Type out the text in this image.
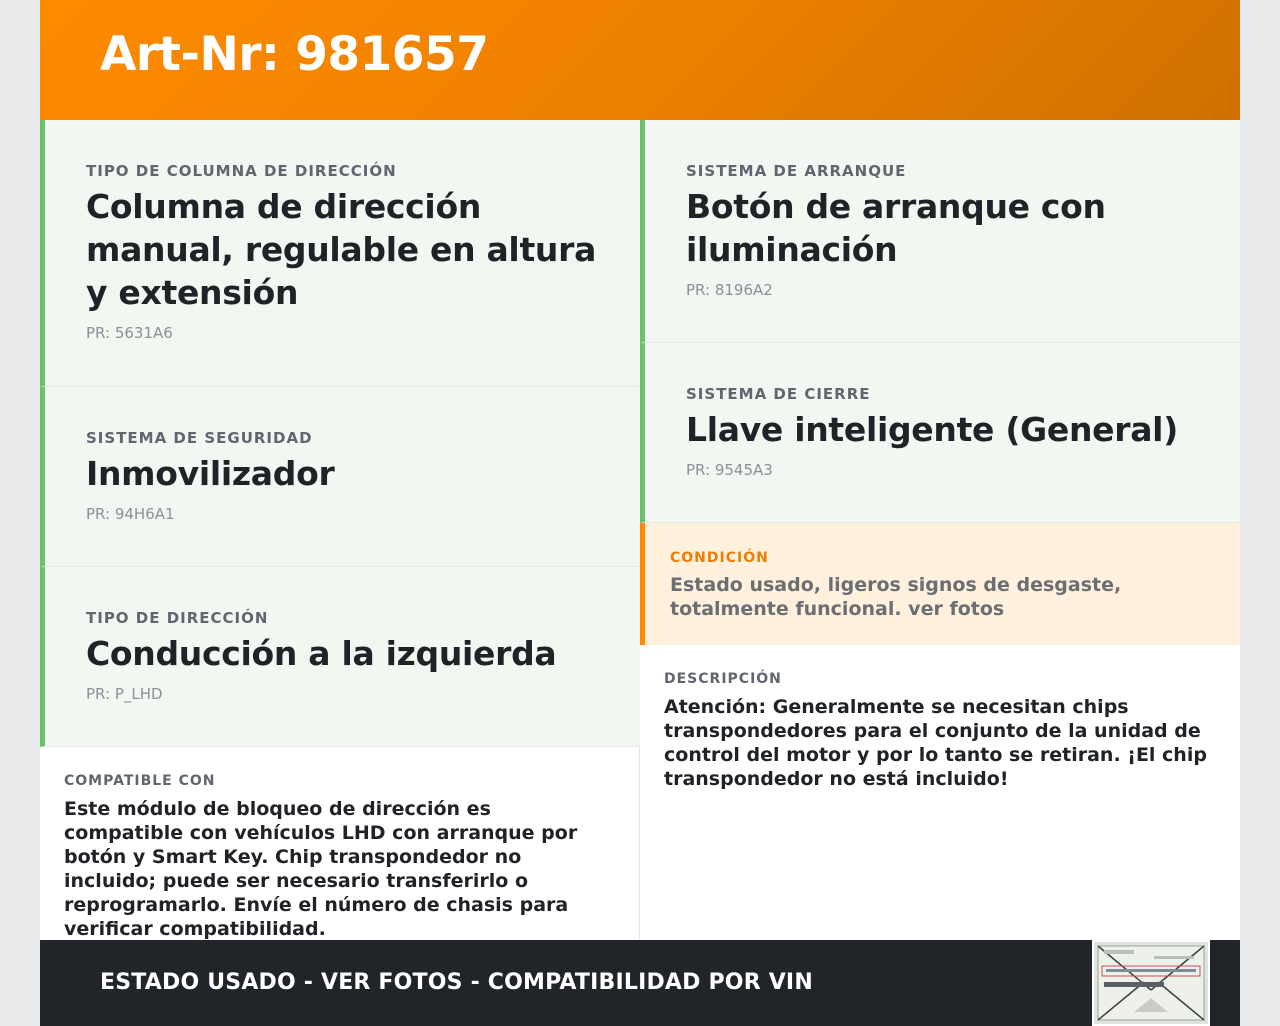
Art-Nr: 981657
TIPO DE COLUMNA DE DIRECCIÓN
Columna de dirección manual, regulable en altura y extensión
PR: 5631A6
SISTEMA DE SEGURIDAD
Inmovilizador
PR: 94H6A1
TIPO DE DIRECCIÓN
Conducción a la izquierda
PR: P_LHD
SISTEMA DE ARRANQUE
Botón de arranque con iluminación
PR: 8196A2
SISTEMA DE CIERRE
Llave inteligente (General)
PR: 9545A3
CONDICIÓN
Estado usado, ligeros signos de desgaste, totalmente funcional. ver fotos
COMPATIBLE CON
Este módulo de bloqueo de dirección es compatible con vehículos LHD con arranque por botón y Smart Key. Chip transpondedor no incluido; puede ser necesario transferirlo o reprogramarlo. Envíe el número de chasis para verificar compatibilidad.
DESCRIPCIÓN
Atención: Generalmente se necesitan chips transpondedores para el conjunto de la unidad de control del motor y por lo tanto se retiran. ¡El chip transpondedor no está incluido!
ESTADO USADO - VER FOTOS - COMPATIBILIDAD POR VIN
